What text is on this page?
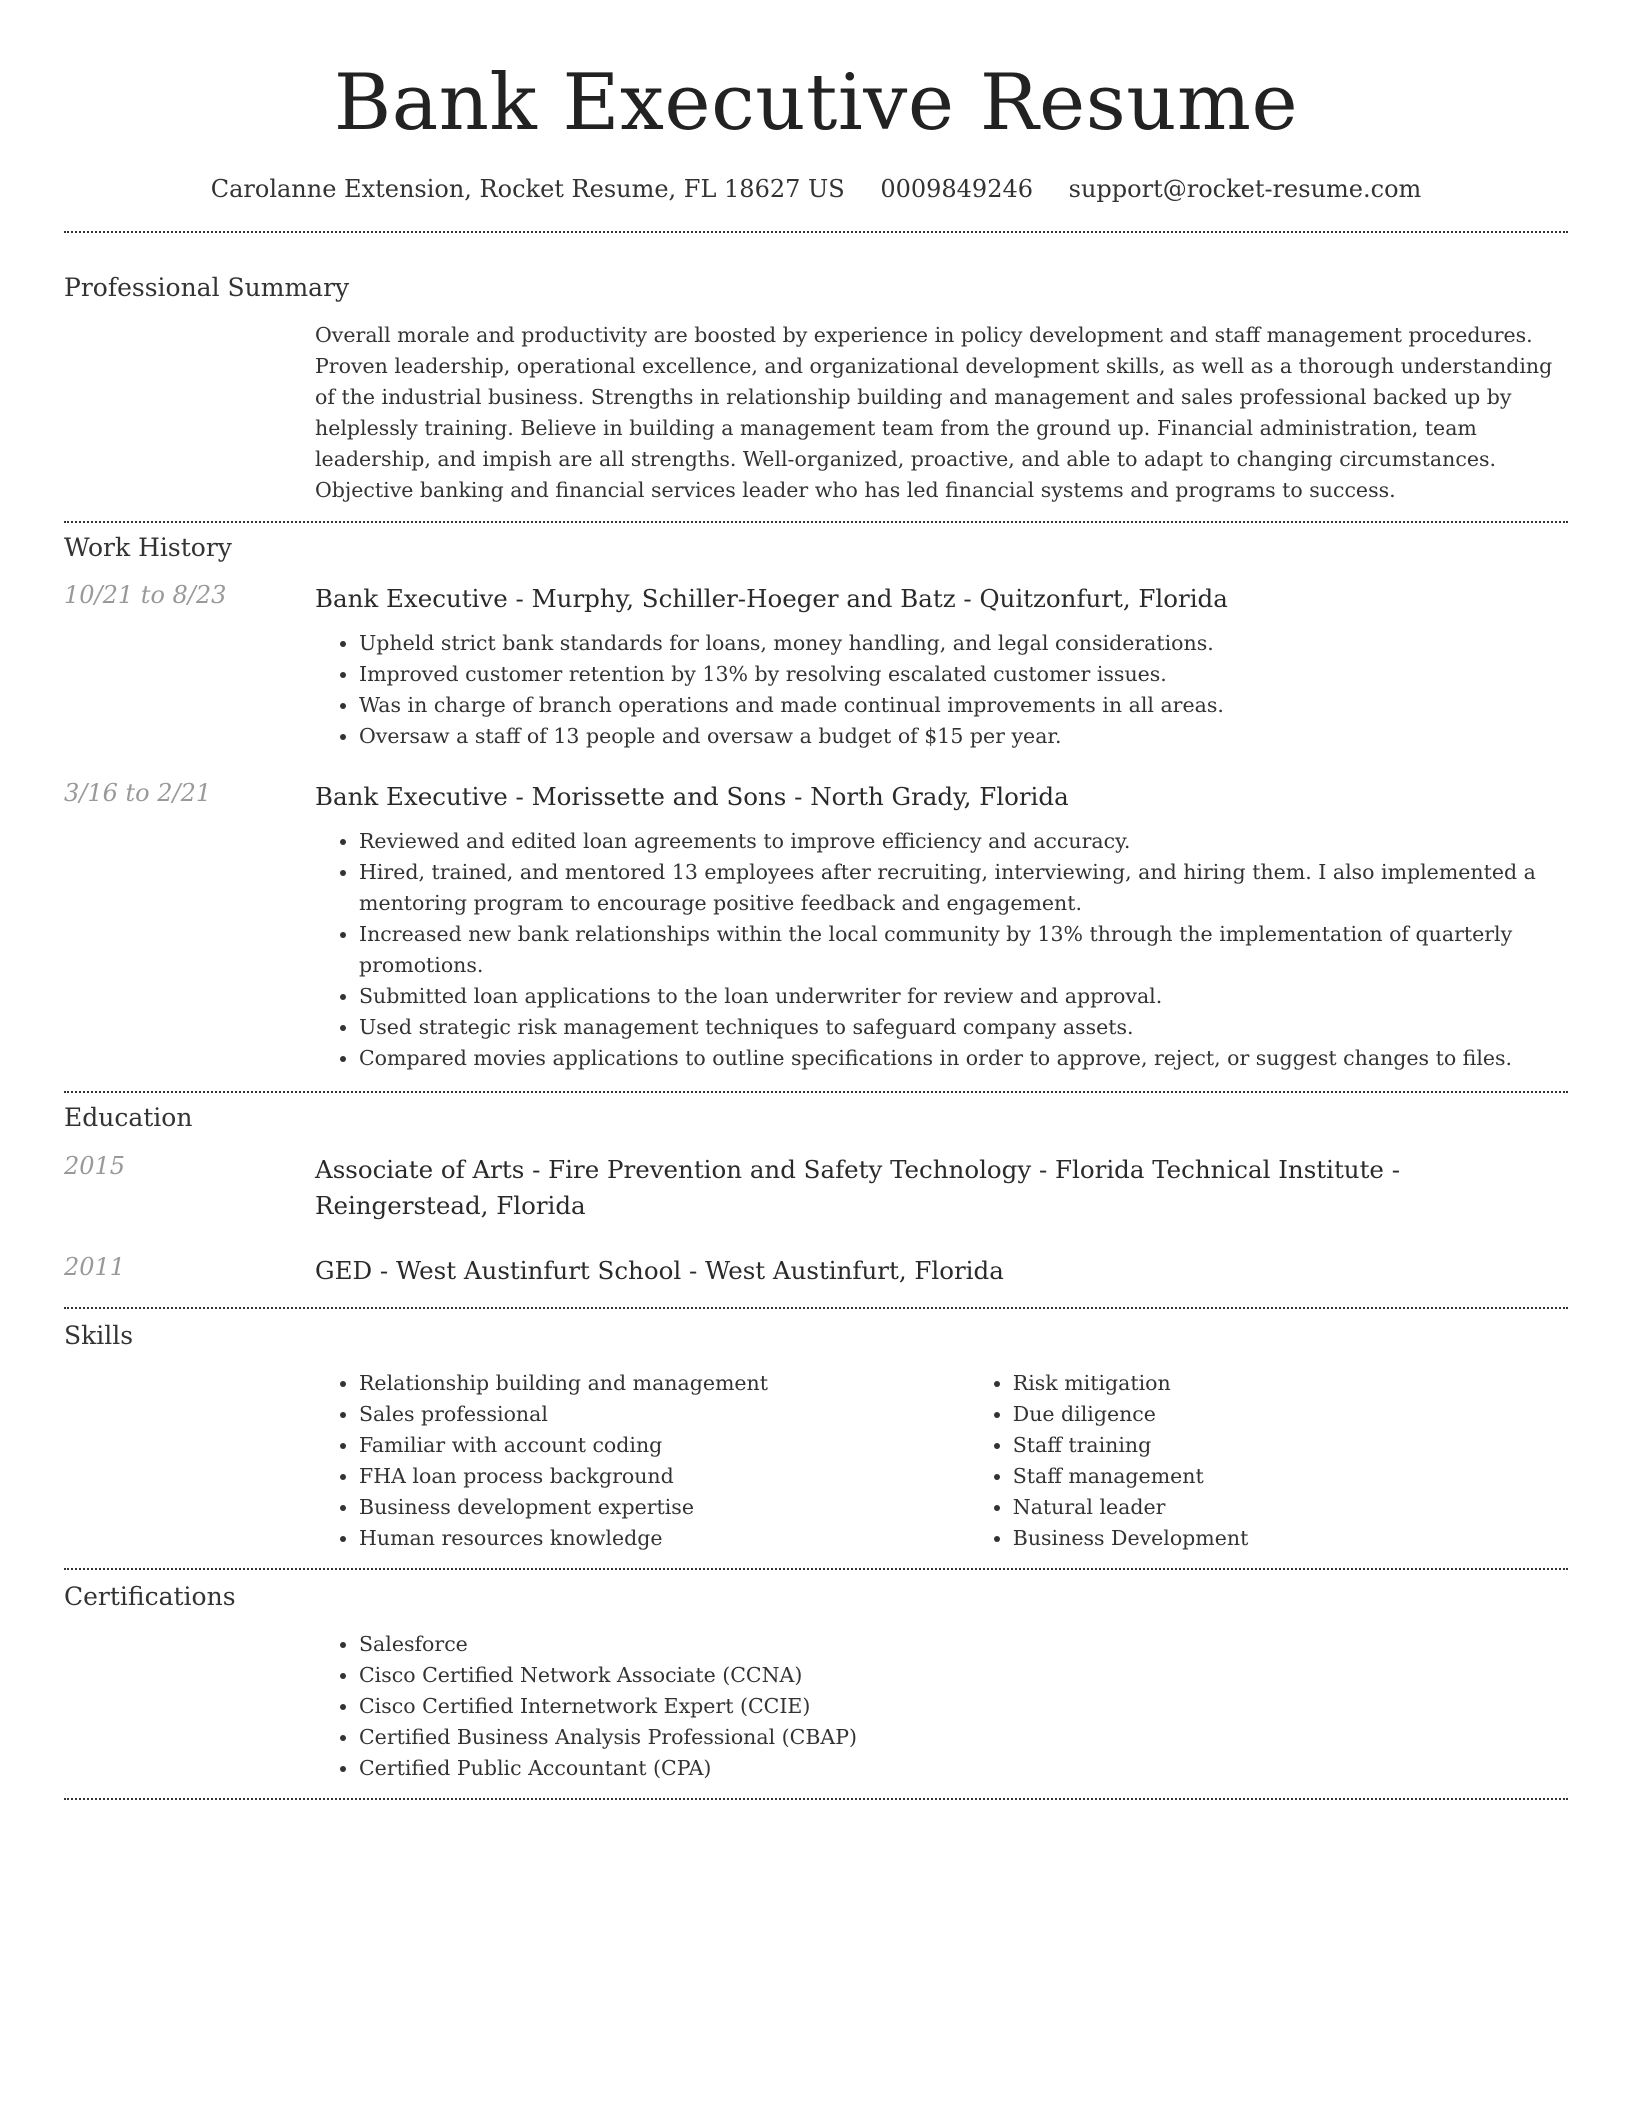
Bank Executive Resume
Carolanne Extension, Rocket Resume, FL 18627 US 0009849246 support@rocket-resume.com
Professional Summary

Overall morale and productivity are boosted by experience in policy development and staff management procedures. Proven leadership, operational excellence, and organizational development skills, as well as a thorough understanding of the industrial business. Strengths in relationship building and management and sales professional backed up by helplessly training. Believe in building a management team from the ground up. Financial administration, team leadership, and impish are all strengths. Well-organized, proactive, and able to adapt to changing circumstances. Objective banking and financial services leader who has led financial systems and programs to success.

Work History
10/21 to 8/23	Bank Executive - Murphy, Schiller-Hoeger and Batz - Quitzonfurt, Florida
• Upheld strict bank standards for loans, money handling, and legal considerations.
• Improved customer retention by 13% by resolving escalated customer issues.
• Was in charge of branch operations and made continual improvements in all areas.
• Oversaw a staff of 13 people and oversaw a budget of $15 per year.
3/16 to 2/21	Bank Executive - Morissette and Sons - North Grady, Florida
• Reviewed and edited loan agreements to improve efficiency and accuracy.
• Hired, trained, and mentored 13 employees after recruiting, interviewing, and hiring them. I also implemented a mentoring program to encourage positive feedback and engagement.
• Increased new bank relationships within the local community by 13% through the implementation of quarterly promotions.
• Submitted loan applications to the loan underwriter for review and approval.
• Used strategic risk management techniques to safeguard company assets.
• Compared movies applications to outline specifications in order to approve, reject, or suggest changes to files.
Education
2015	Associate of Arts - Fire Prevention and Safety Technology - Florida Technical Institute - Reingerstead, Florida
2011	GED - West Austinfurt School - West Austinfurt, Florida
Skills
• Relationship building and management
• Sales professional
• Familiar with account coding
• FHA loan process background
• Business development expertise
• Human resources knowledge
• Risk mitigation
• Due diligence
• Staff training
• Staff management
• Natural leader
• Business Development
Certifications
• Salesforce
• Cisco Certified Network Associate (CCNA)
• Cisco Certified Internetwork Expert (CCIE)
• Certified Business Analysis Professional (CBAP)
• Certified Public Accountant (CPA)
